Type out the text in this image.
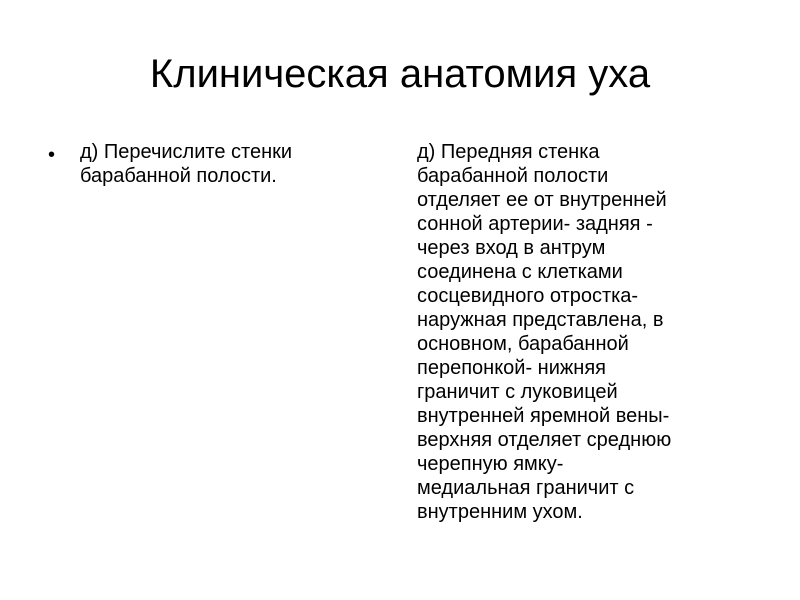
Клиническая анатомия уха
• д) Перечислите стенки барабанной полости.
д) Передняя стенка
барабанной полости
отделяет ее от внутренней
сонной артерии- задняя -
через вход в антрум
соединена с клетками
сосцевидного отростка-
наружная представлена, в
основном, барабанной
перепонкой- нижняя
граничит с луковицей
внутренней яремной вены-
верхняя отделяет среднюю
черепную ямку-
медиальная граничит с
внутренним ухом.
